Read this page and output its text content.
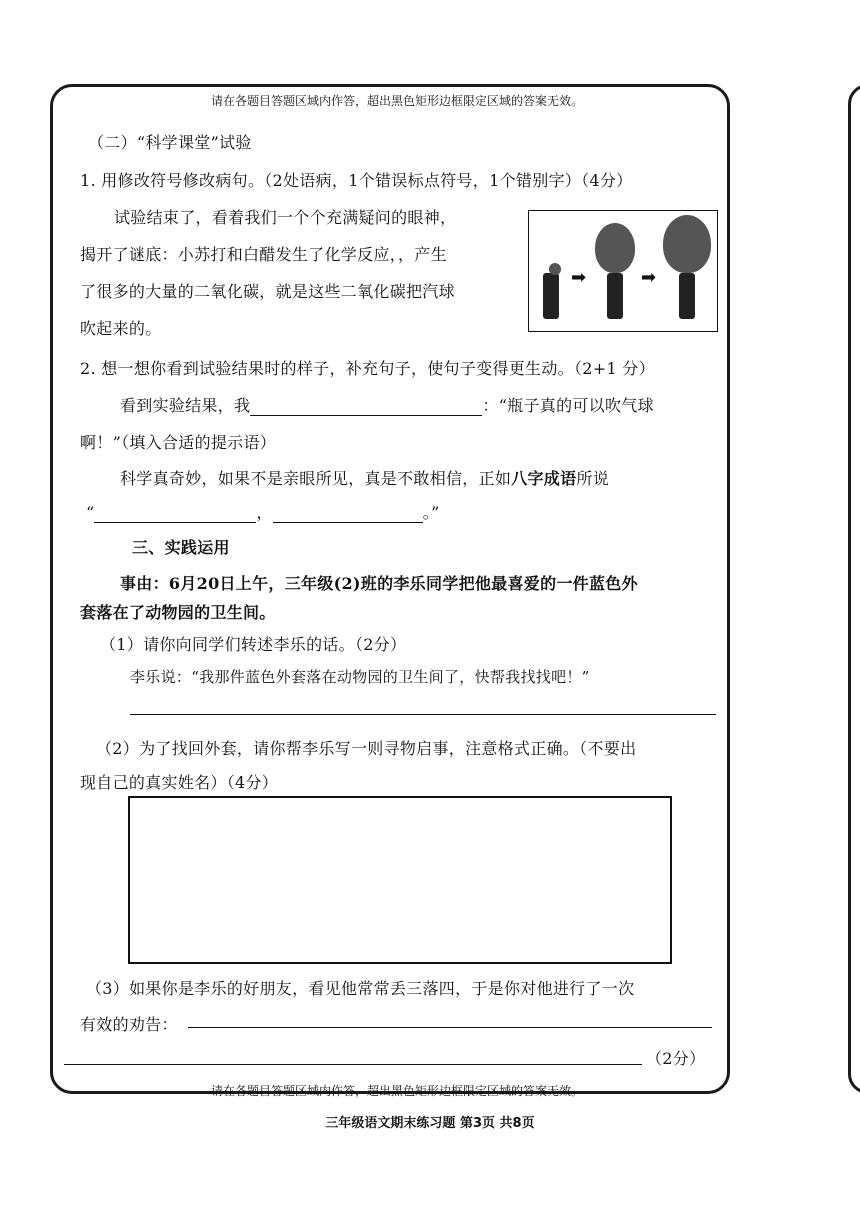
请在各题目答题区域内作答，超出黑色矩形边框限定区域的答案无效。
（二）“科学课堂”试验
1. 用修改符号修改病句。（2处语病，1个错误标点符号，1个错别字）（4分）
试验结束了，看着我们一个个充满疑问的眼神，
揭开了谜底：小苏打和白醋发生了化学反应，，产生
了很多的大量的二氧化碳，就是这些二氧化碳把汽球
吹起来的。
➡	➡
2. 想一想你看到试验结果时的样子，补充句子，使句子变得更生动。（2+1 分）
看到实验结果，我	：“瓶子真的可以吹气球
啊！”（填入合适的提示语）
科学真奇妙，如果不是亲眼所见，真是不敢相信，正如八字成语所说
“	，	。”
三、实践运用
事由：6月20日上午，三年级(2)班的李乐同学把他最喜爱的一件蓝色外
套落在了动物园的卫生间。
（1）请你向同学们转述李乐的话。（2分）
李乐说：“我那件蓝色外套落在动物园的卫生间了，快帮我找找吧！”
（2）为了找回外套，请你帮李乐写一则寻物启事，注意格式正确。（不要出
现自己的真实姓名）（4分）
（3）如果你是李乐的好朋友，看见他常常丢三落四，于是你对他进行了一次
有效的劝告：
（2分）
请在各题目答题区域内作答，超出黑色矩形边框限定区域的答案无效。
三年级语文期末练习题 第3页 共8页
